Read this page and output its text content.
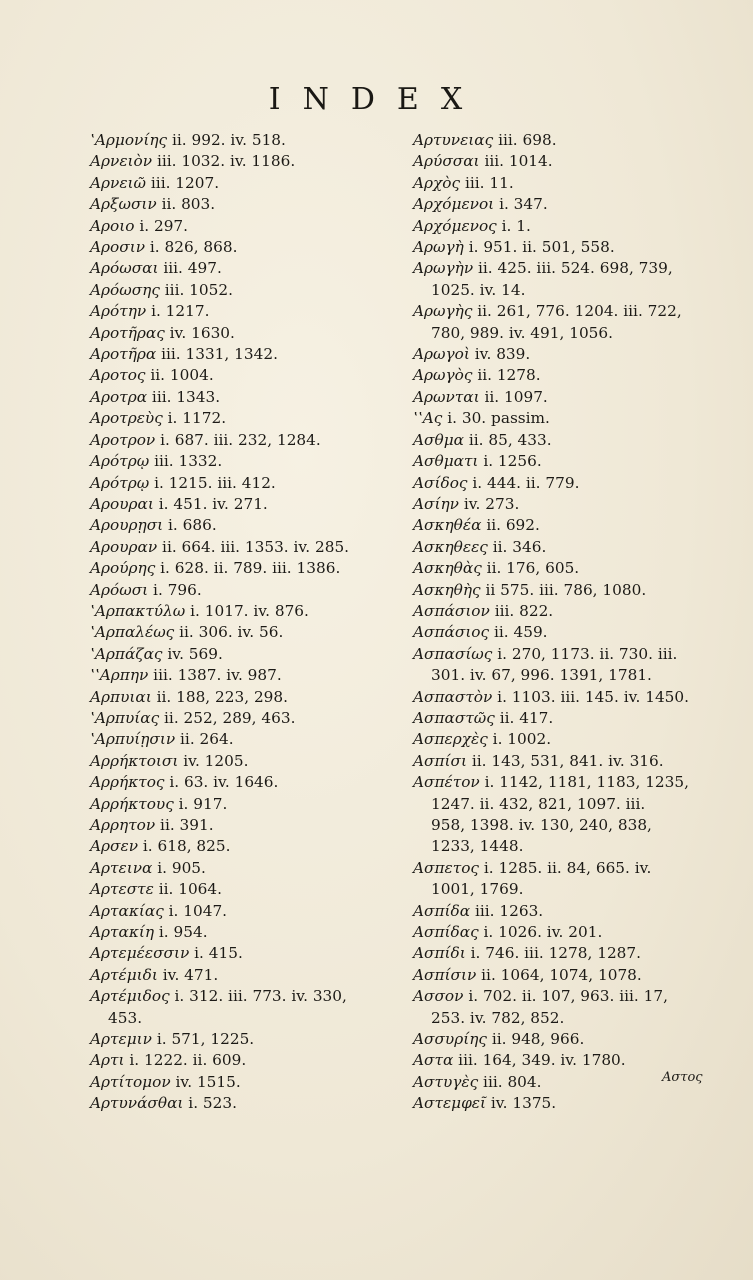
INDEX
ʽΑρμονίης ii. 992. iv. 518.
Αρνειὸν iii. 1032. iv. 1186.
Αρνειῶ iii. 1207.
Αρξωσιν ii. 803.
Αροιο i. 297.
Αροσιν i. 826, 868.
Αρόωσαι iii. 497.
Αρόωσης iii. 1052.
Αρότην i. 1217.
Αροτῆρας iv. 1630.
Αροτῆρα iii. 1331, 1342.
Αροτος ii. 1004.
Αροτρα iii. 1343.
Αροτρεὺς i. 1172.
Αροτρον i. 687. iii. 232, 1284.
Αρότρῳ iii. 1332.
Αρότρῳ i. 1215. iii. 412.
Αρουραι i. 451. iv. 271.
Αρουρῃσι i. 686.
Αρουραν ii. 664. iii. 1353. iv. 285.
Αρούρης i. 628. ii. 789. iii. 1386.
Αρόωσι i. 796.
ʽΑρπακτύλω i. 1017. iv. 876.
ʽΑρπαλέως ii. 306. iv. 56.
ʽΑρπάζας iv. 569.
ʽʽΑρπην iii. 1387. iv. 987.
Αρπυιαι ii. 188, 223, 298.
ʽΑρπυίας ii. 252, 289, 463.
ʽΑρπυίῃσιν ii. 264.
Αρρήκτοισι iv. 1205.
Αρρήκτος i. 63. iv. 1646.
Αρρήκτους i. 917.
Αρρητον ii. 391.
Αρσεν i. 618, 825.
Αρτεινα i. 905.
Αρτεστε ii. 1064.
Αρτακίας i. 1047.
Αρτακίη i. 954.
Αρτεμέεσσιν i. 415.
Αρτέμιδι iv. 471.
Αρτέμιδος i. 312. iii. 773. iv. 330,
453.
Αρτεμιν i. 571, 1225.
Αρτι i. 1222. ii. 609.
Αρτίτομον iv. 1515.
Αρτυνάσθαι i. 523.
Αρτυνειας iii. 698.
Αρύσσαι iii. 1014.
Αρχὸς iii. 11.
Αρχόμενοι i. 347.
Αρχόμενος i. 1.
Αρωγὴ i. 951. ii. 501, 558.
Αρωγὴν ii. 425. iii. 524. 698, 739,
1025. iv. 14.
Αρωγὴς ii. 261, 776. 1204. iii. 722,
780, 989. iv. 491, 1056.
Αρωγοὶ iv. 839.
Αρωγὸς ii. 1278.
Αρωνται ii. 1097.
ʽʽΑς i. 30. passim.
Ασθμα ii. 85, 433.
Ασθματι i. 1256.
Ασίδος i. 444. ii. 779.
Ασίην iv. 273.
Ασκηθέα ii. 692.
Ασκηθεες ii. 346.
Ασκηθὰς ii. 176, 605.
Ασκηθὴς ii 575. iii. 786, 1080.
Ασπάσιον iii. 822.
Ασπάσιος ii. 459.
Ασπασίως i. 270, 1173. ii. 730. iii.
301. iv. 67, 996. 1391, 1781.
Ασπαστὸν i. 1103. iii. 145. iv. 1450.
Ασπαστῶς ii. 417.
Ασπερχὲς i. 1002.
Ασπίσι ii. 143, 531, 841. iv. 316.
Ασπέτον i. 1142, 1181, 1183, 1235,
1247. ii. 432, 821, 1097. iii.
958, 1398. iv. 130, 240, 838,
1233, 1448.
Ασπετος i. 1285. ii. 84, 665. iv.
1001, 1769.
Ασπίδα iii. 1263.
Ασπίδας i. 1026. iv. 201.
Ασπίδι i. 746. iii. 1278, 1287.
Ασπίσιν ii. 1064, 1074, 1078.
Ασσον i. 702. ii. 107, 963. iii. 17,
253. iv. 782, 852.
Ασσυρίης ii. 948, 966.
Αστα iii. 164, 349. iv. 1780.
Αστυγὲς iii. 804.
Αστεμφεῖ iv. 1375.
Αστος
